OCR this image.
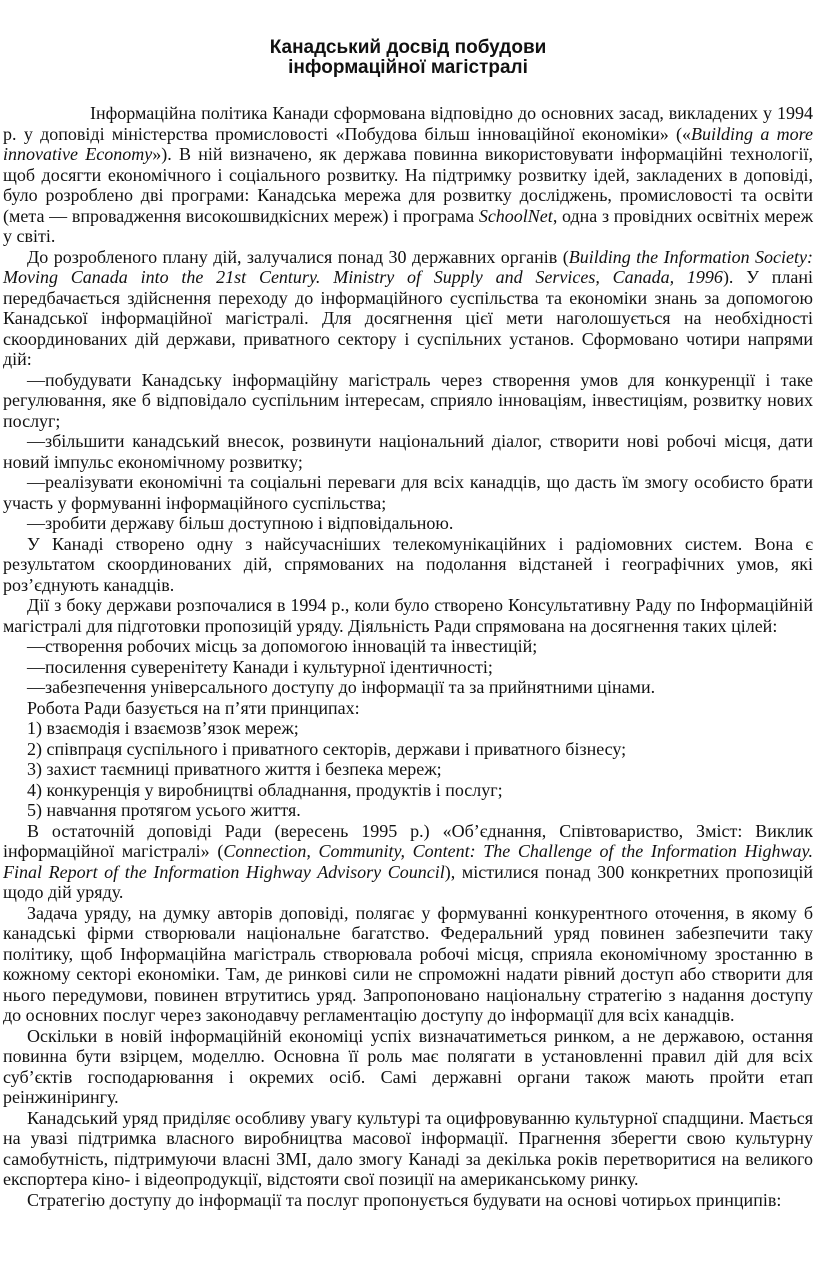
Канадський досвід побудови
інформаційної магістралі

Інформаційна політика Канади сформована відповідно до основних засад, викладених у 1994 р. у доповіді міністерства промисловості «Побудова більш інноваційної економіки» («Building a more innovative Economy»). В ній визначено, як держава повинна використовувати інформаційні технології, щоб досягти економічного і соціального розвитку. На підтримку розвитку ідей, закладених в доповіді, було розроблено дві програми: Канадська мережа для розвитку досліджень, промисловості та освіти (мета — впровадження високошвидкісних мереж) і програма SchoolNet, одна з провідних освітніх мереж у світі.

До розробленого плану дій, залучалися понад 30 державних органів (Building the Information Society: Moving Canada into the 21st Century. Ministry of Supply and Services, Canada, 1996). У плані передбачається здійснення переходу до інформаційного суспільства та економіки знань за допомогою Канадської інформаційної магістралі. Для досягнення цієї мети наголошується на необхідності скоординованих дій держави, приватного сектору і суспільних установ. Сформовано чотири напрями дій:

—побудувати Канадську інформаційну магістраль через створення умов для конкуренції і таке регулювання, яке б відповідало суспільним інтересам, сприяло інноваціям, інвестиціям, розвитку нових послуг;

—збільшити канадський внесок, розвинути національний діалог, створити нові робочі місця, дати новий імпульс економічному розвитку;

—реалізувати економічні та соціальні переваги для всіх канадців, що дасть їм змогу особисто брати участь у формуванні інформаційного суспільства;

—зробити державу більш доступною і відповідальною.

У Канаді створено одну з найсучасніших телекомунікаційних і радіомовних систем. Вона є результатом скоординованих дій, спрямованих на подолання відстаней і географічних умов, які роз’єднують канадців.

Дії з боку держави розпочалися в 1994 р., коли було створено Консультативну Раду по Інформаційній магістралі для підготовки пропозицій уряду. Діяльність Ради спрямована на досягнення таких цілей:

—створення робочих місць за допомогою інновацій та інвестицій;

—посилення суверенітету Канади і культурної ідентичності;

—забезпечення універсального доступу до інформації та за прийнятними цінами.

Робота Ради базується на п’яти принципах:

1) взаємодія і взаємозв’язок мереж;

2) співпраця суспільного і приватного секторів, держави і приватного бізнесу;

3) захист таємниці приватного життя і безпека мереж;

4) конкуренція у виробництві обладнання, продуктів і послуг;

5) навчання протягом усього життя.

В остаточній доповіді Ради (вересень 1995 р.) «Об’єднання, Співтовариство, Зміст: Виклик інформаційної магістралі» (Connection, Community, Content: The Challenge of the Information Highway. Final Report of the Information Highway Advisory Council), містилися понад 300 конкретних пропозицій щодо дій уряду.

Задача уряду, на думку авторів доповіді, полягає у формуванні конкурентного оточення, в якому б канадські фірми створювали національне багатство. Федеральний уряд повинен забезпечити таку політику, щоб Інформаційна магістраль створювала робочі місця, сприяла економічному зростанню в кожному секторі економіки. Там, де ринкові сили не спроможні надати рівний доступ або створити для нього передумови, повинен втрутитись уряд. Запропоновано національну стратегію з надання доступу до основних послуг через законодавчу регламентацію доступу до інформації для всіх канадців.

Оскільки в новій інформаційній економіці успіх визначатиметься ринком, а не державою, остання повинна бути взірцем, моделлю. Основна її роль має полягати в установленні правил дій для всіх суб’єктів господарювання і окремих осіб. Самі державні органи також мають пройти етап реінжинірингу.

Канадський уряд приділяє особливу увагу культурі та оцифровуванню культурної спадщини. Мається на увазі підтримка власного виробництва масової інформації. Прагнення зберегти свою культурну самобутність, підтримуючи власні ЗМІ, дало змогу Канаді за декілька років перетворитися на великого експортера кіно- і відеопродукції, відстояти свої позиції на американському ринку.

Стратегію доступу до інформації та послуг пропонується будувати на основі чотирьох принципів:
